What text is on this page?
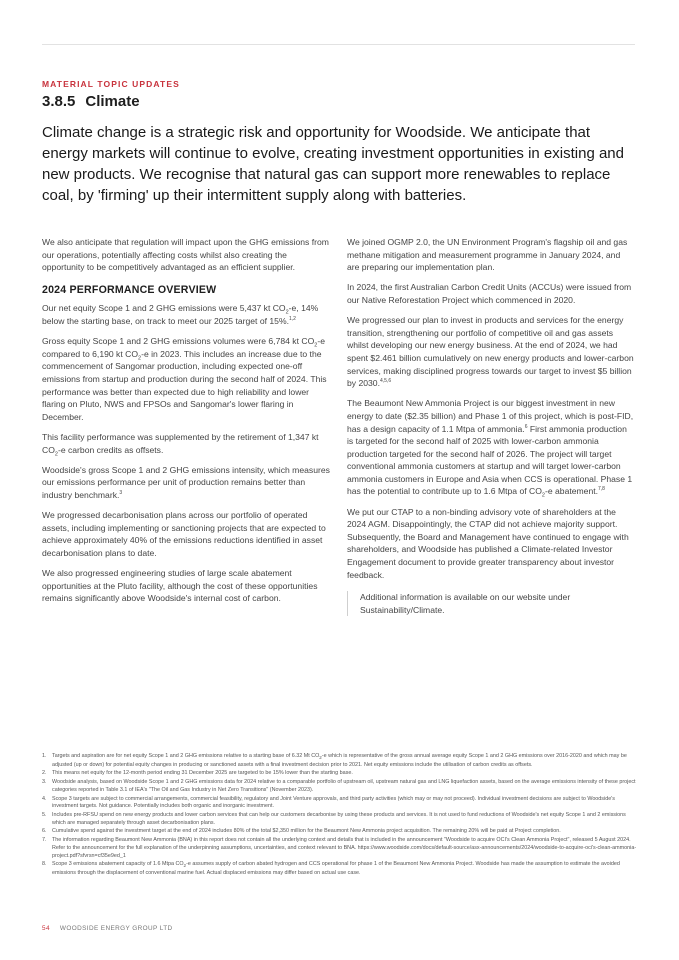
MATERIAL TOPIC UPDATES
3.8.5 Climate
Climate change is a strategic risk and opportunity for Woodside. We anticipate that energy markets will continue to evolve, creating investment opportunities in existing and new products. We recognise that natural gas can support more renewables to replace coal, by 'firming' up their intermittent supply along with batteries.

We also anticipate that regulation will impact upon the GHG emissions from our operations, potentially affecting costs whilst also creating the opportunity to be competitively advantaged as an efficient supplier.

2024 PERFORMANCE OVERVIEW

Our net equity Scope 1 and 2 GHG emissions were 5,437 kt $CO_2-e$, 14% below the starting base, on track to meet our 2025 target of 15%.$^{1,2}$

Gross equity Scope 1 and 2 GHG emissions volumes were 6,784 kt $CO_2-e$ compared to 6,190 kt $CO_2-e$ in 2023. This includes an increase due to the commencement of Sangomar production, including expected one-off emissions from startup and production during the second half of 2024. This performance was better than expected due to high reliability and lower flaring on Pluto, NWS and FPSOs and Sangomar's lower flaring in December.

This facility performance was supplemented by the retirement of 1,347 kt $CO_2-e$ carbon credits as offsets.

Woodside's gross Scope 1 and 2 GHG emissions intensity, which measures our emissions performance per unit of production remains better than industry benchmark.$^3$

We progressed decarbonisation plans across our portfolio of operated assets, including implementing or sanctioning projects that are expected to achieve approximately 40% of the emissions reductions identified in asset decarbonisation plans to date.

We also progressed engineering studies of large scale abatement opportunities at the Pluto facility, although the cost of these opportunities remains significantly above Woodside's internal cost of carbon.

We joined OGMP 2.0, the UN Environment Program's flagship oil and gas methane mitigation and measurement programme in January 2024, and are preparing our implementation plan.

In 2024, the first Australian Carbon Credit Units (ACCUs) were issued from our Native Reforestation Project which commenced in 2020.

We progressed our plan to invest in products and services for the energy transition, strengthening our portfolio of competitive oil and gas assets whilst developing our new energy business. At the end of 2024, we had spent $2.461 billion cumulatively on new energy products and lower-carbon services, making disciplined progress towards our target to invest $5 billion by 2030.$^{4,5,6}$

The Beaumont New Ammonia Project is our biggest investment in new energy to date ($2.35 billion) and Phase 1 of this project, which is post-FID, has a design capacity of 1.1 Mtpa of ammonia.$^6$ First ammonia production is targeted for the second half of 2025 with lower-carbon ammonia production targeted for the second half of 2026. The project will target conventional ammonia customers at startup and will target lower-carbon ammonia customers in Europe and Asia when CCS is operational. Phase 1 has the potential to contribute up to 1.6 Mtpa of $CO_2-e$ abatement.$^{7,8}$

We put our CTAP to a non-binding advisory vote of shareholders at the 2024 AGM. Disappointingly, the CTAP did not achieve majority support. Subsequently, the Board and Management have continued to engage with shareholders, and Woodside has published a Climate-related Investor Engagement document to provide greater transparency about investor feedback.

Additional information is available on our website under Sustainability/Climate.
1.	Targets and aspiration are for net equity Scope 1 and 2 GHG emissions relative to a starting base of 6.32 Mt $CO_2-e$ which is representative of the gross annual average equity Scope 1 and 2 GHG emissions over 2016-2020 and which may be adjusted (up or down) for potential equity changes in producing or sanctioned assets with a final investment decision prior to 2021. Net equity emissions include the utilisation of carbon credits as offsets.
2.	This means net equity for the 12-month period ending 31 December 2025 are targeted to be 15% lower than the starting base.
3.	Woodside analysis, based on Woodside Scope 1 and 2 GHG emissions data for 2024 relative to a comparable portfolio of upstream oil, upstream natural gas and LNG liquefaction assets, based on the average emissions intensity of these project categories reported in Table 3.1 of IEA's "The Oil and Gas Industry in Net Zero Transitions" (November 2023).
4.	Scope 3 targets are subject to commercial arrangements, commercial feasibility, regulatory and Joint Venture approvals, and third party activities (which may or may not proceed). Individual investment decisions are subject to Woodside's investment targets. Not guidance. Potentially includes both organic and inorganic investment.
5.	Includes pre-RFSU spend on new energy products and lower carbon services that can help our customers decarbonise by using these products and services. It is not used to fund reductions of Woodside's net equity Scope 1 and 2 emissions which are managed separately through asset decarbonisation plans.
6.	Cumulative spend against the investment target at the end of 2024 includes 80% of the total $2,350 million for the Beaumont New Ammonia project acquisition. The remaining 20% will be paid at Project completion.
7.	The information regarding Beaumont New Ammonia (BNA) in this report does not contain all the underlying context and details that is included in the announcement "Woodside to acquire OCI's Clean Ammonia Project", released 5 August 2024. Refer to the announcement for the full explanation of the underpinning assumptions, uncertainties, and context relevant to BNA. https://www.woodside.com/docs/default-source/asx-announcements/2024/woodside-to-acquire-oci's-clean-ammonia-project.pdf?sfvrsn=cf35e9ed_1
8.	Scope 3 emissions abatement capacity of 1.6 Mtpa $CO_2-e$ assumes supply of carbon abated hydrogen and CCS operational for phase 1 of the Beaumont New Ammonia Project. Woodside has made the assumption to estimate the avoided emissions through the displacement of conventional marine fuel. Actual displaced emissions may differ based on actual use case.
54 WOODSIDE ENERGY GROUP LTD
